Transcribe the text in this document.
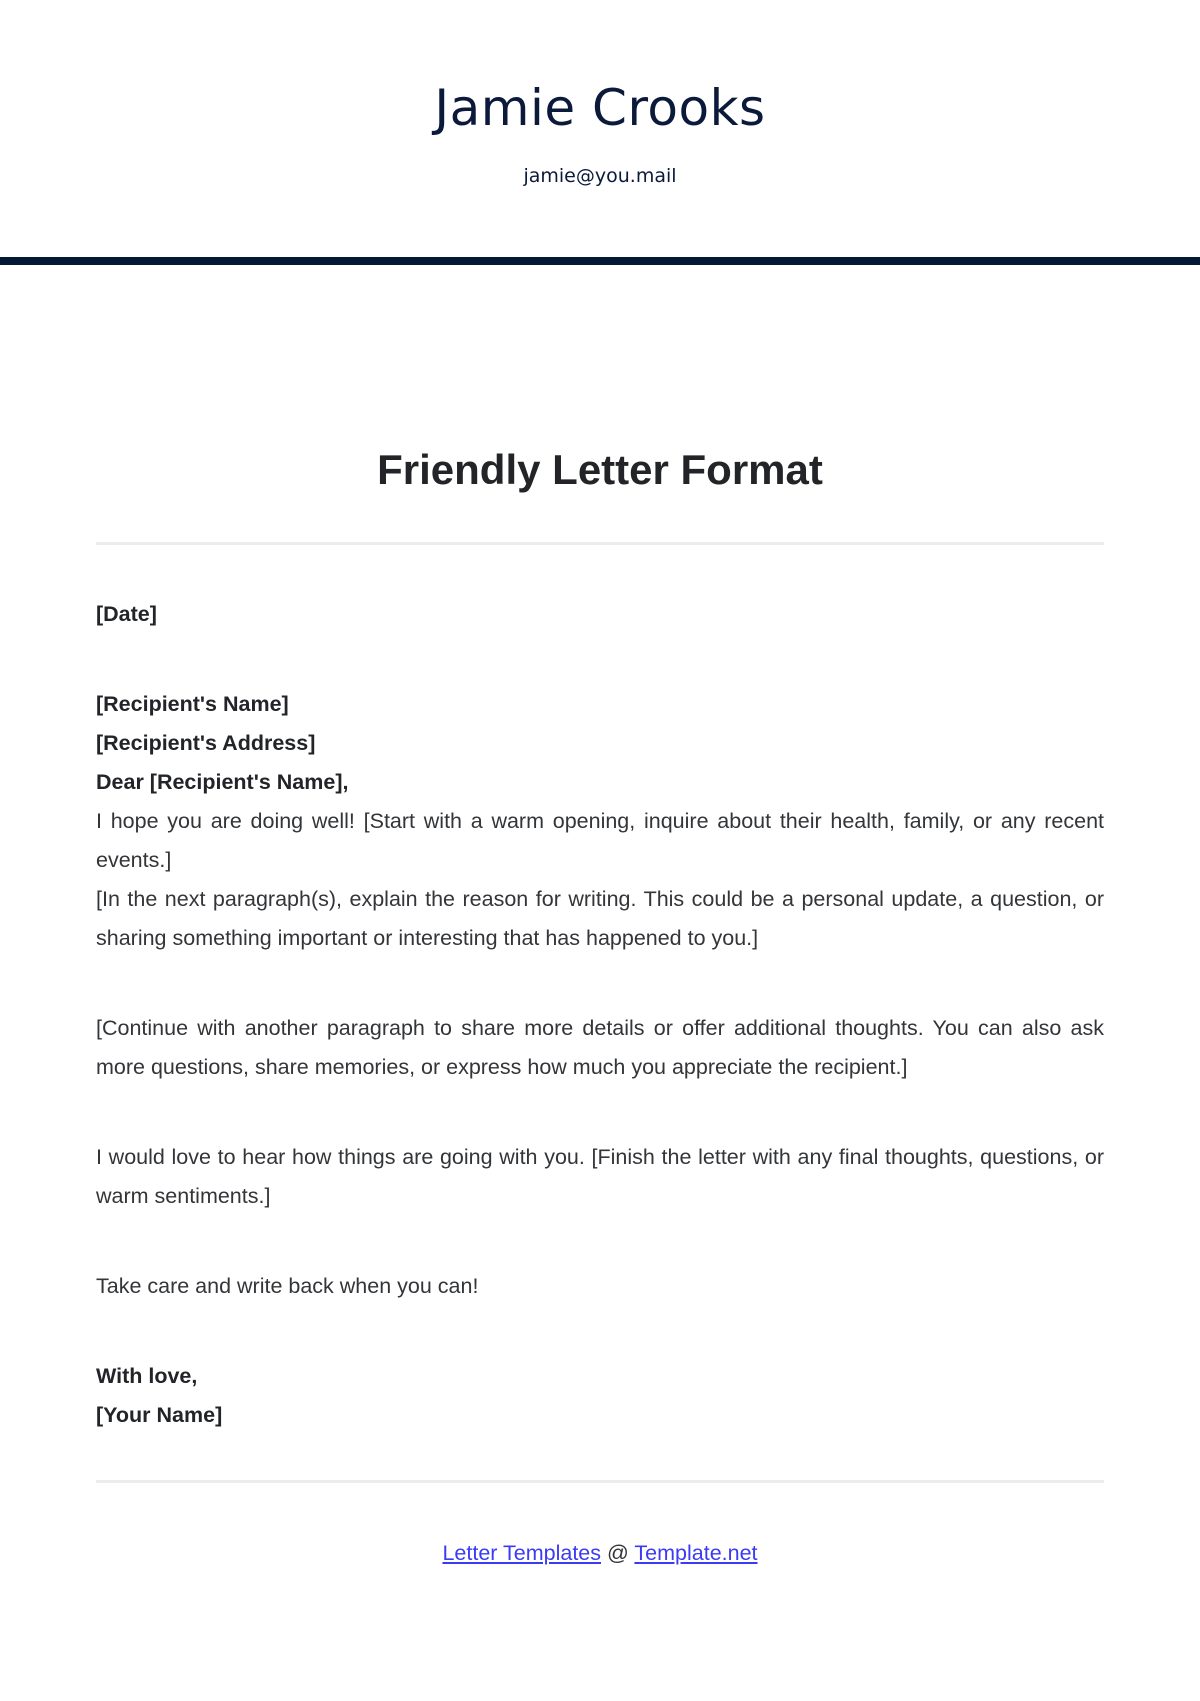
Jamie Crooks
jamie@you.mail
Friendly Letter Format

[Date]

[Recipient's Name]

[Recipient's Address]

Dear [Recipient's Name],

I hope you are doing well! [Start with a warm opening, inquire about their health, family, or any recent events.]

[In the next paragraph(s), explain the reason for writing. This could be a personal update, a question, or sharing something important or interesting that has happened to you.]

[Continue with another paragraph to share more details or offer additional thoughts. You can also ask more questions, share memories, or express how much you appreciate the recipient.]

I would love to hear how things are going with you. [Finish the letter with any final thoughts, questions, or warm sentiments.]

Take care and write back when you can!

With love,

[Your Name]

Letter Templates @ Template.net
